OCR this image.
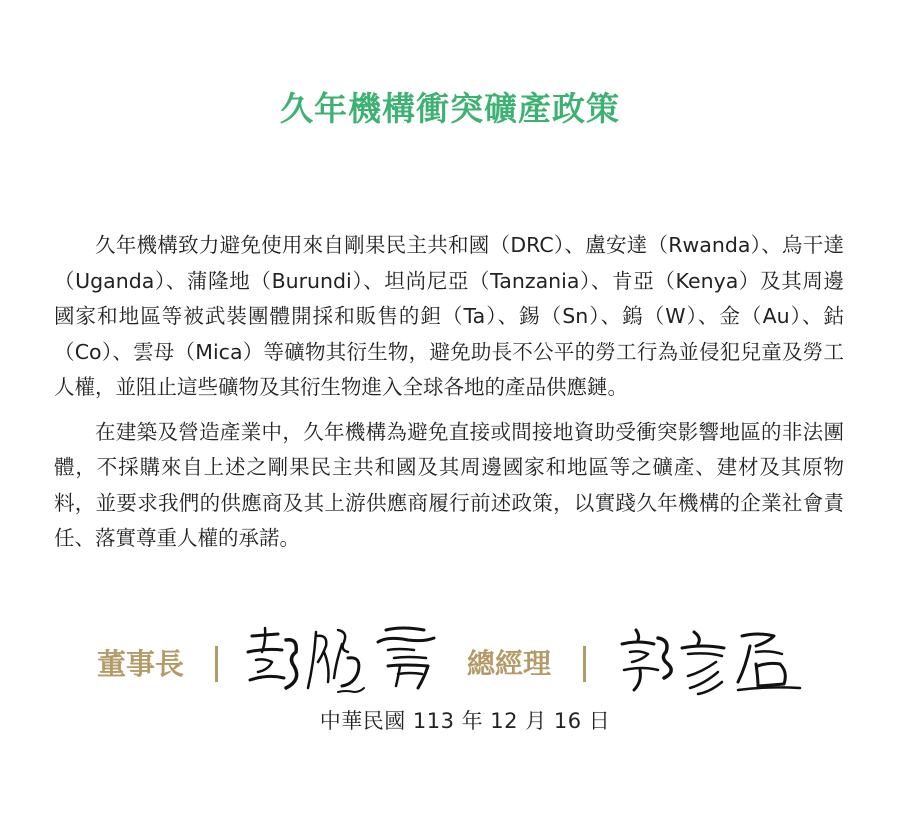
久年機構衝突礦產政策

久年機構致力避免使用來自剛果民主共和國（DRC）、盧安達（Rwanda）、烏干達（Uganda）、蒲隆地（Burundi）、坦尚尼亞（Tanzania）、肯亞（Kenya）及其周邊國家和地區等被武裝團體開採和販售的鉭（Ta）、錫（Sn）、鎢（W）、金（Au）、鈷（Co）、雲母（Mica）等礦物其衍生物，避免助長不公平的勞工行為並侵犯兒童及勞工人權，並阻止這些礦物及其衍生物進入全球各地的產品供應鏈。

在建築及營造產業中，久年機構為避免直接或間接地資助受衝突影響地區的非法團體，不採購來自上述之剛果民主共和國及其周邊國家和地區等之礦產、建材及其原物料，並要求我們的供應商及其上游供應商履行前述政策，以實踐久年機構的企業社會責任、落實尊重人權的承諾。

董事長	總經理
中華民國 113 年 12 月 16 日
